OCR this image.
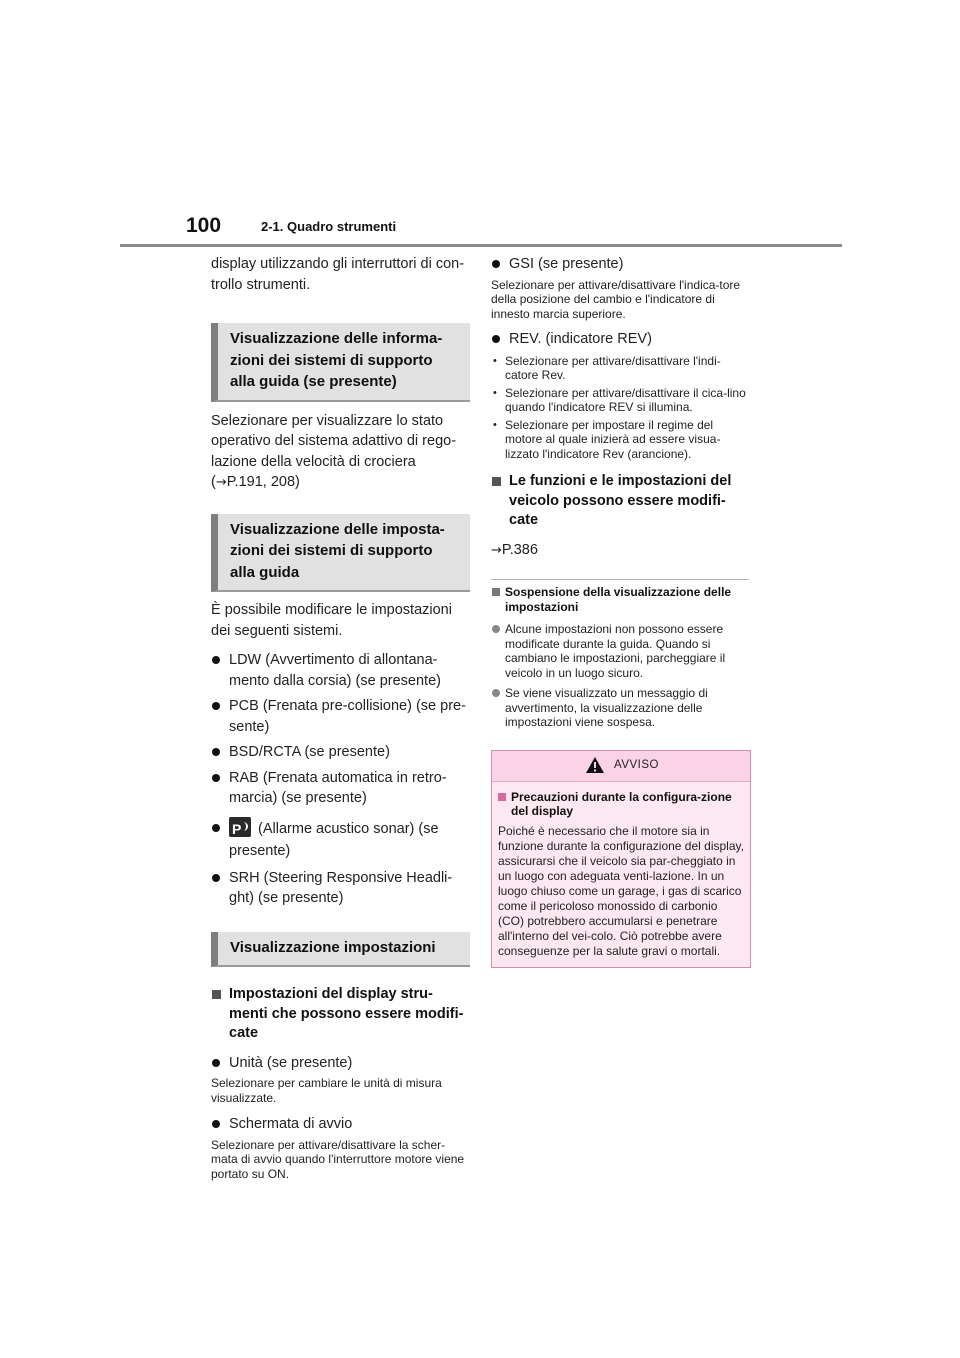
100	2-1. Quadro strumenti

display utilizzando gli interruttori di con-trollo strumenti.

Visualizzazione delle informa-zioni dei sistemi di supporto alla guida (se presente)

Selezionare per visualizzare lo stato operativo del sistema adattivo di rego-lazione della velocità di crociera (→P.191, 208)

Visualizzazione delle imposta-zioni dei sistemi di supporto alla guida

È possibile modificare le impostazioni dei seguenti sistemi.

LDW (Avvertimento di allontana-mento dalla corsia) (se presente)

PCB (Frenata pre-collisione) (se pre-sente)

BSD/RCTA (se presente)

RAB (Frenata automatica in retro-marcia) (se presente)

P (Allarme acustico sonar) (se presente)

SRH (Steering Responsive Headli-ght) (se presente)

Visualizzazione impostazioni

Impostazioni del display stru-menti che possono essere modifi-cate

Unità (se presente)

Selezionare per cambiare le unità di misura visualizzate.

Schermata di avvio

Selezionare per attivare/disattivare la scher-mata di avvio quando l'interruttore motore viene portato su ON.

GSI (se presente)

Selezionare per attivare/disattivare l'indica-tore della posizione del cambio e l'indicatore di innesto marcia superiore.

REV. (indicatore REV)

• Selezionare per attivare/disattivare l'indi-catore Rev.
• Selezionare per attivare/disattivare il cica-lino quando l'indicatore REV si illumina.
• Selezionare per impostare il regime del motore al quale inizierà ad essere visua-lizzato l'indicatore Rev (arancione).

Le funzioni e le impostazioni del veicolo possono essere modifi-cate

→P.386

Sospensione della visualizzazione delle impostazioni

Alcune impostazioni non possono essere modificate durante la guida. Quando si cambiano le impostazioni, parcheggiare il veicolo in un luogo sicuro.

Se viene visualizzato un messaggio di avvertimento, la visualizzazione delle impostazioni viene sospesa.

AVVISO

Precauzioni durante la configura-zione del display

Poiché è necessario che il motore sia in funzione durante la configurazione del display, assicurarsi che il veicolo sia par-cheggiato in un luogo con adeguata venti-lazione. In un luogo chiuso come un garage, i gas di scarico come il pericoloso monossido di carbonio (CO) potrebbero accumularsi e penetrare all'interno del vei-colo. Ciò potrebbe avere conseguenze per la salute gravi o mortali.
